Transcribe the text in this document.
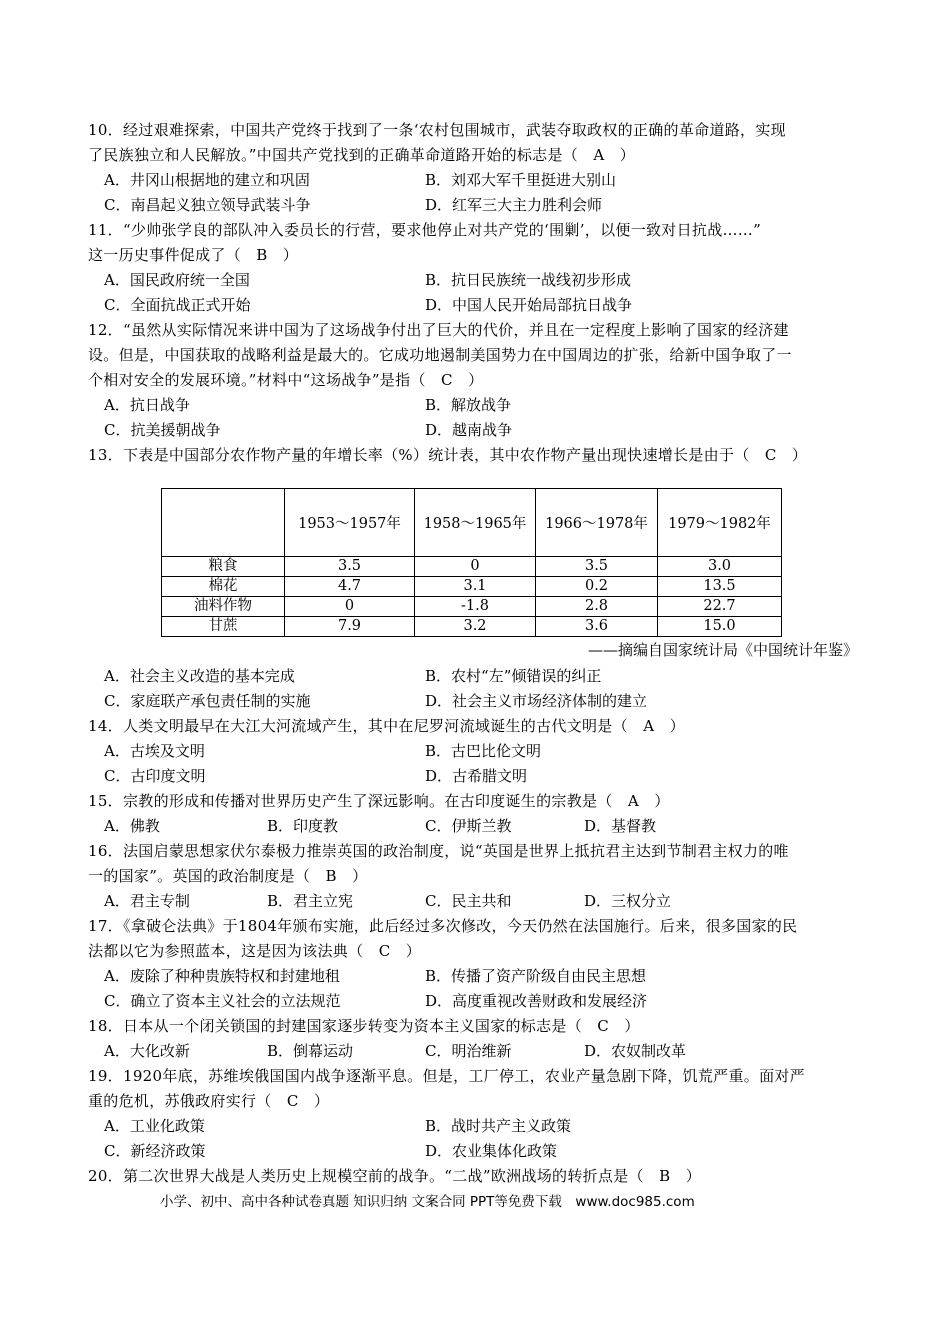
10．经过艰难探索，中国共产党终于找到了一条‘农村包围城市，武装夺取政权的正确的革命道路，实现
了民族独立和人民解放。”中国共产党找到的正确革命道路开始的标志是（　A　）
A．井冈山根据地的建立和巩固	B．刘邓大军千里挺进大别山
C．南昌起义独立领导武装斗争	D．红军三大主力胜利会师
11．“少帅张学良的部队冲入委员长的行营，要求他停止对共产党的‘围剿’，以便一致对日抗战……”
这一历史事件促成了（　B　）
A．国民政府统一全国	B．抗日民族统一战线初步形成
C．全面抗战正式开始	D．中国人民开始局部抗日战争
12．“虽然从实际情况来讲中国为了这场战争付出了巨大的代价，并且在一定程度上影响了国家的经济建
设。但是，中国获取的战略利益是最大的。它成功地遏制美国势力在中国周边的扩张，给新中国争取了一
个相对安全的发展环境。”材料中“这场战争”是指（　C　）
A．抗日战争	B．解放战争
C．抗美援朝战争	D．越南战争
13．下表是中国部分农作物产量的年增长率（%）统计表，其中农作物产量出现快速增长是由于（　C　）
	1953～1957年	1958～1965年	1966～1978年	1979～1982年
粮食	3.5	0	3.5	3.0
棉花	4.7	3.1	0.2	13.5
油料作物	0	-1.8	2.8	22.7
甘蔗	7.9	3.2	3.6	15.0
——摘编自国家统计局《中国统计年鉴》
A．社会主义改造的基本完成	B．农村“左”倾错误的纠正
C．家庭联产承包责任制的实施	D．社会主义市场经济体制的建立
14．人类文明最早在大江大河流域产生，其中在尼罗河流域诞生的古代文明是（　A　）
A．古埃及文明	B．古巴比伦文明
C．古印度文明	D．古希腊文明
15．宗教的形成和传播对世界历史产生了深远影响。在古印度诞生的宗教是（　A　）
A．佛教	B．印度教	C．伊斯兰教	D．基督教
16．法国启蒙思想家伏尔泰极力推崇英国的政治制度，说“英国是世界上抵抗君主达到节制君主权力的唯
一的国家”。英国的政治制度是（　B　）
A．君主专制	B．君主立宪	C．民主共和	D．三权分立
17．《拿破仑法典》于1804年颁布实施，此后经过多次修改，今天仍然在法国施行。后来，很多国家的民
法都以它为参照蓝本，这是因为该法典（　C　）
A．废除了种种贵族特权和封建地租	B．传播了资产阶级自由民主思想
C．确立了资本主义社会的立法规范	D．高度重视改善财政和发展经济
18．日本从一个闭关锁国的封建国家逐步转变为资本主义国家的标志是（　C　）
A．大化改新	B．倒幕运动	C．明治维新	D．农奴制改革
19．1920年底，苏维埃俄国国内战争逐渐平息。但是，工厂停工，农业产量急剧下降，饥荒严重。面对严
重的危机，苏俄政府实行（　C　）
A．工业化政策	B．战时共产主义政策
C．新经济政策	D．农业集体化政策
20．第二次世界大战是人类历史上规模空前的战争。“二战”欧洲战场的转折点是（　B　）
小学、初中、高中各种试卷真题 知识归纳 文案合同 PPT等免费下载　www.doc985.com
